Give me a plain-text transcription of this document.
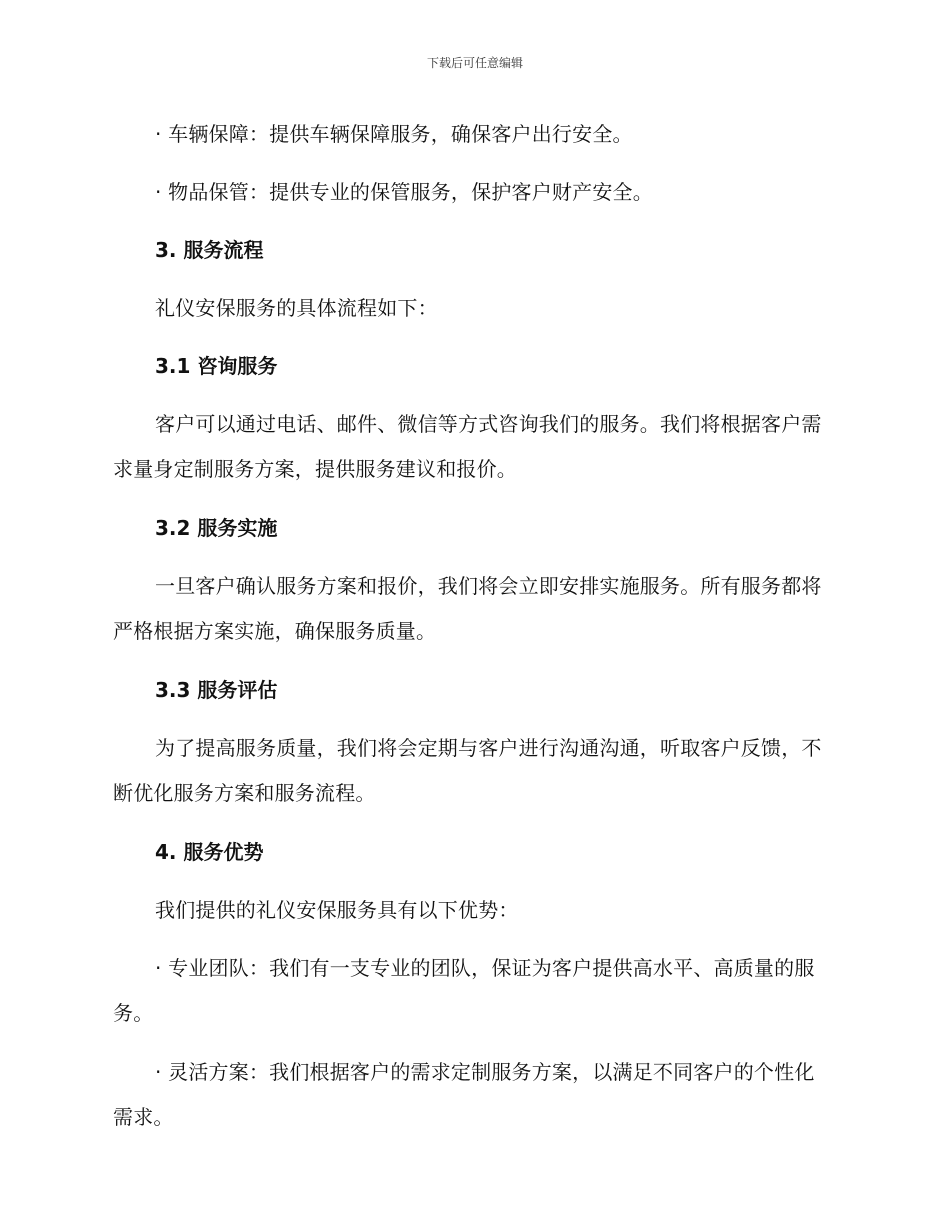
下载后可任意编辑

· 车辆保障：提供车辆保障服务，确保客户出行安全。

· 物品保管：提供专业的保管服务，保护客户财产安全。

3. 服务流程

礼仪安保服务的具体流程如下：

3.1 咨询服务

客户可以通过电话、邮件、微信等方式咨询我们的服务。我们将根据客户需求量身定制服务方案，提供服务建议和报价。

3.2 服务实施

一旦客户确认服务方案和报价，我们将会立即安排实施服务。所有服务都将严格根据方案实施，确保服务质量。

3.3 服务评估

为了提高服务质量，我们将会定期与客户进行沟通沟通，听取客户反馈，不断优化服务方案和服务流程。

4. 服务优势

我们提供的礼仪安保服务具有以下优势：

· 专业团队：我们有一支专业的团队，保证为客户提供高水平、高质量的服务。

· 灵活方案：我们根据客户的需求定制服务方案，以满足不同客户的个性化需求。
